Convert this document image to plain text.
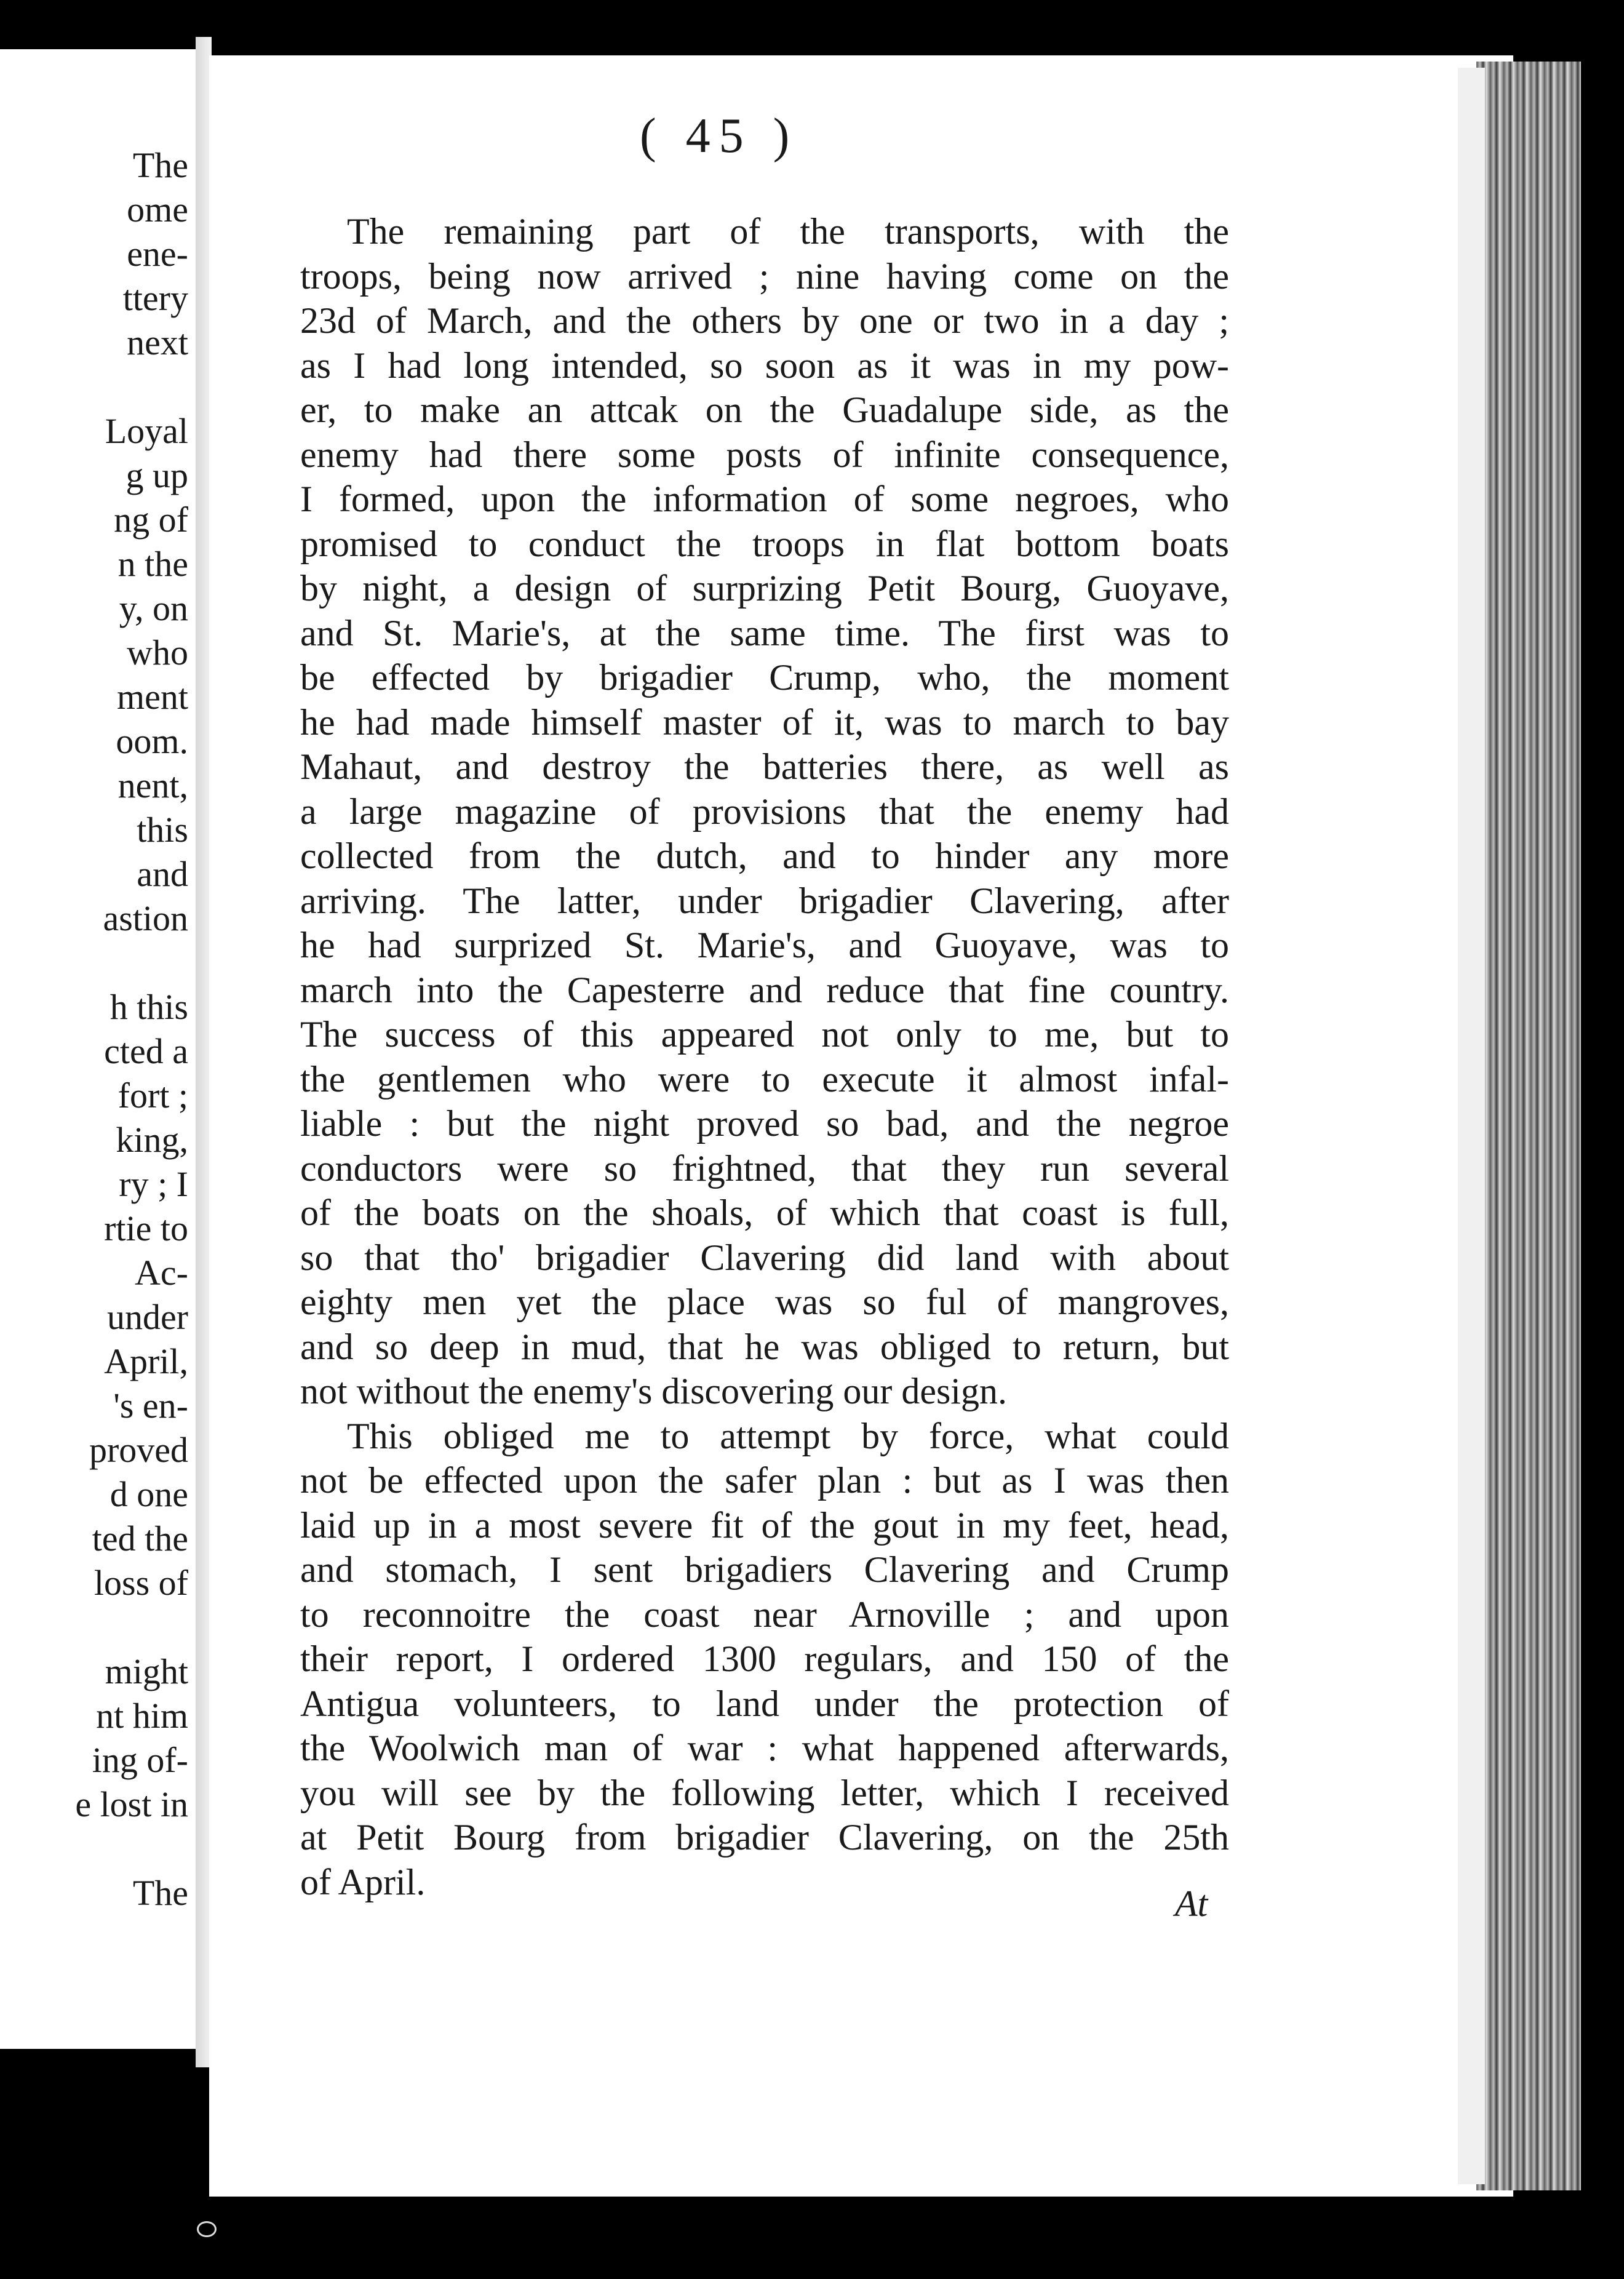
The
ome
ene-
ttery
next
Loyal
g up
ng of
n the
y, on
who
ment
oom.
nent,
this
and
astion
h this
cted a
fort ;
king,
ry ; I
rtie to
Ac-
under
April,
's en-
proved
d one
ted the
loss of
might
nt him
ing of-
e lost in
The
( 45 )
The remaining part of the transports, with the
troops, being now arrived ; nine having come on the
23d of March, and the others by one or two in a day ;
as I had long intended, so soon as it was in my pow-
er, to make an attcak on the Guadalupe side, as the
enemy had there some posts of infinite consequence,
I formed, upon the information of some negroes, who
promised to conduct the troops in flat bottom boats
by night, a design of surprizing Petit Bourg, Guoyave,
and St. Marie's, at the same time. The first was to
be effected by brigadier Crump, who, the moment
he had made himself master of it, was to march to bay
Mahaut, and destroy the batteries there, as well as
a large magazine of provisions that the enemy had
collected from the dutch, and to hinder any more
arriving. The latter, under brigadier Clavering, after
he had surprized St. Marie's, and Guoyave, was to
march into the Capesterre and reduce that fine country.
The success of this appeared not only to me, but to
the gentlemen who were to execute it almost infal-
liable : but the night proved so bad, and the negroe
conductors were so frightned, that they run several
of the boats on the shoals, of which that coast is full,
so that tho' brigadier Clavering did land with about
eighty men yet the place was so ful of mangroves,
and so deep in mud, that he was obliged to return, but
not without the enemy's discovering our design.
This obliged me to attempt by force, what could
not be effected upon the safer plan : but as I was then
laid up in a most severe fit of the gout in my feet, head,
and stomach, I sent brigadiers Clavering and Crump
to reconnoitre the coast near Arnoville ; and upon
their report, I ordered 1300 regulars, and 150 of the
Antigua volunteers, to land under the protection of
the Woolwich man of war : what happened afterwards,
you will see by the following letter, which I received
at Petit Bourg from brigadier Clavering, on the 25th
of April.
At
